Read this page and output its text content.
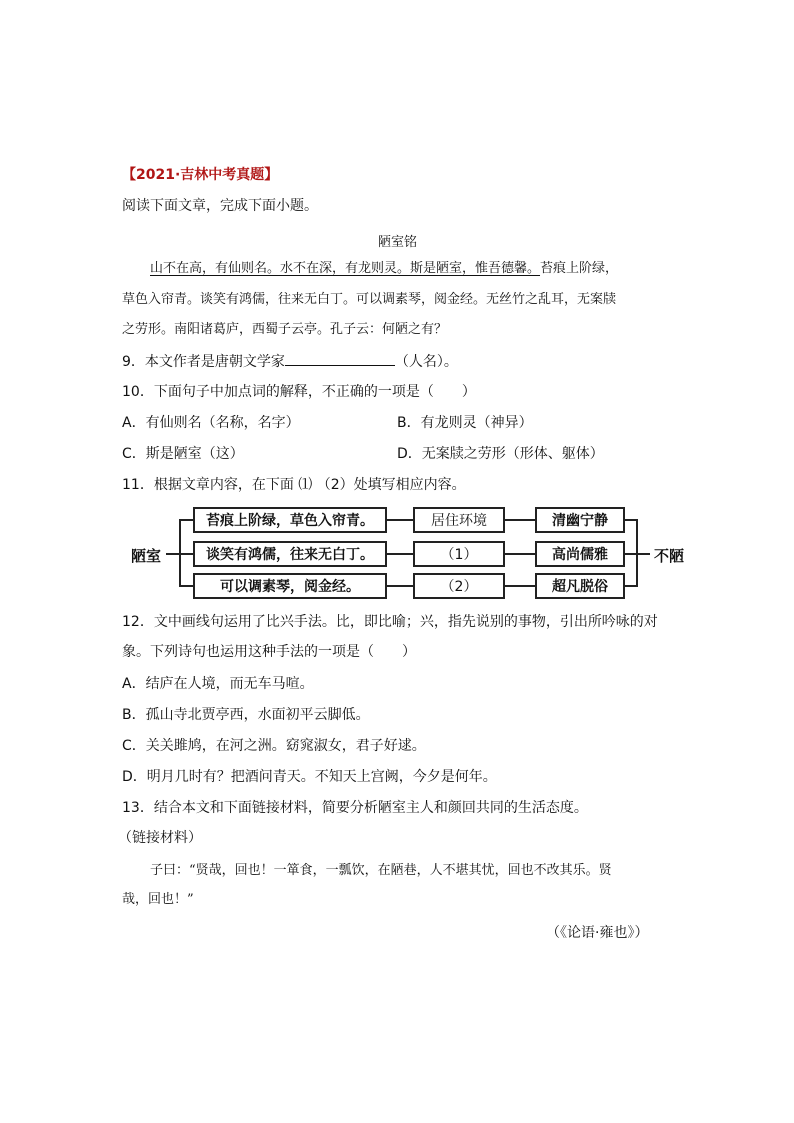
【2021·吉林中考真题】
阅读下面文章，完成下面小题。
陋室铭
山不在高，有仙则名。水不在深，有龙则灵。斯是陋室，惟吾德馨。苔痕上阶绿，
草色入帘青。谈笑有鸿儒，往来无白丁。可以调素琴，阅金经。无丝竹之乱耳，无案牍
之劳形。南阳诸葛庐，西蜀子云亭。孔子云：何陋之有？
9．本文作者是唐朝文学家	（人名）。
10．下面句子中加点词的解释，不正确的一项是（　　）
A．有仙则名（名称，名字）	B．有龙则灵（神异）
C．斯是陋室（这）	D．无案牍之劳形（形体、躯体）
11．根据文章内容，在下面 ⑴ （2）处填写相应内容。
陋室
苔痕上阶绿，草色入帘青。	居住环境	清幽宁静
谈笑有鸿儒，往来无白丁。	（1）	高尚儒雅
可以调素琴，阅金经。	（2）	超凡脱俗
不陋
12．文中画线句运用了比兴手法。比，即比喻；兴，指先说别的事物，引出所吟咏的对
象。下列诗句也运用这种手法的一项是（　　）
A．结庐在人境，而无车马喧。
B．孤山寺北贾亭西，水面初平云脚低。
C．关关雎鸠，在河之洲。窈窕淑女，君子好逑。
D．明月几时有？把酒问青天。不知天上宫阙，今夕是何年。
13．结合本文和下面链接材料，简要分析陋室主人和颜回共同的生活态度。
（链接材料）
子曰：“贤哉，回也！一箪食，一瓢饮，在陋巷，人不堪其忧，回也不改其乐。贤
哉，回也！”
（《论语·雍也》）
